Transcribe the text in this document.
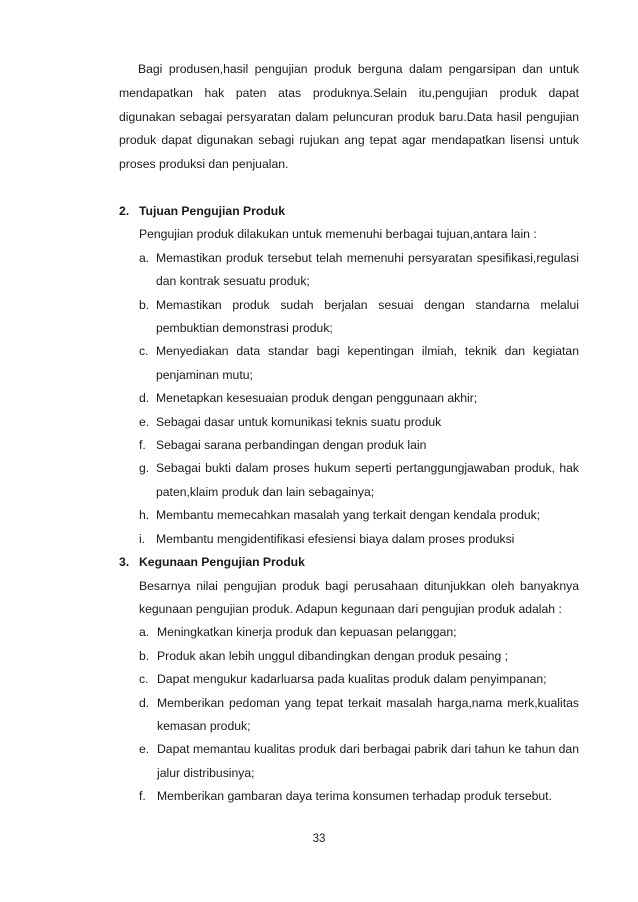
Bagi produsen,hasil pengujian produk berguna dalam pengarsipan dan untuk mendapatkan hak paten atas produknya.Selain itu,pengujian produk dapat digunakan sebagai persyaratan dalam peluncuran produk baru.Data hasil pengujian produk dapat digunakan sebagi rujukan ang tepat agar mendapatkan lisensi untuk proses produksi dan penjualan.

2. Tujuan Pengujian Produk

Pengujian produk dilakukan untuk memenuhi berbagai tujuan,antara lain :

a. Memastikan produk tersebut telah memenuhi persyaratan spesifikasi,regulasi dan kontrak sesuatu produk;

b. Memastikan produk sudah berjalan sesuai dengan standarna melalui pembuktian demonstrasi produk;

c. Menyediakan data standar bagi kepentingan ilmiah, teknik dan kegiatan penjaminan mutu;

d. Menetapkan kesesuaian produk dengan penggunaan akhir;

e. Sebagai dasar untuk komunikasi teknis suatu produk

f. Sebagai sarana perbandingan dengan produk lain

g. Sebagai bukti dalam proses hukum seperti pertanggungjawaban produk, hak paten,klaim produk dan lain sebagainya;

h. Membantu memecahkan masalah yang terkait dengan kendala produk;

i. Membantu mengidentifikasi efesiensi biaya dalam proses produksi

3. Kegunaan Pengujian Produk

Besarnya nilai pengujian produk bagi perusahaan ditunjukkan oleh banyaknya kegunaan pengujian produk. Adapun kegunaan dari pengujian produk adalah :

a. Meningkatkan kinerja produk dan kepuasan pelanggan;

b. Produk akan lebih unggul dibandingkan dengan produk pesaing ;

c. Dapat mengukur kadarluarsa pada kualitas produk dalam penyimpanan;

d. Memberikan pedoman yang tepat terkait masalah harga,nama merk,kualitas kemasan produk;

e. Dapat memantau kualitas produk dari berbagai pabrik dari tahun ke tahun dan jalur distribusinya;

f. Memberikan gambaran daya terima konsumen terhadap produk tersebut.

33
